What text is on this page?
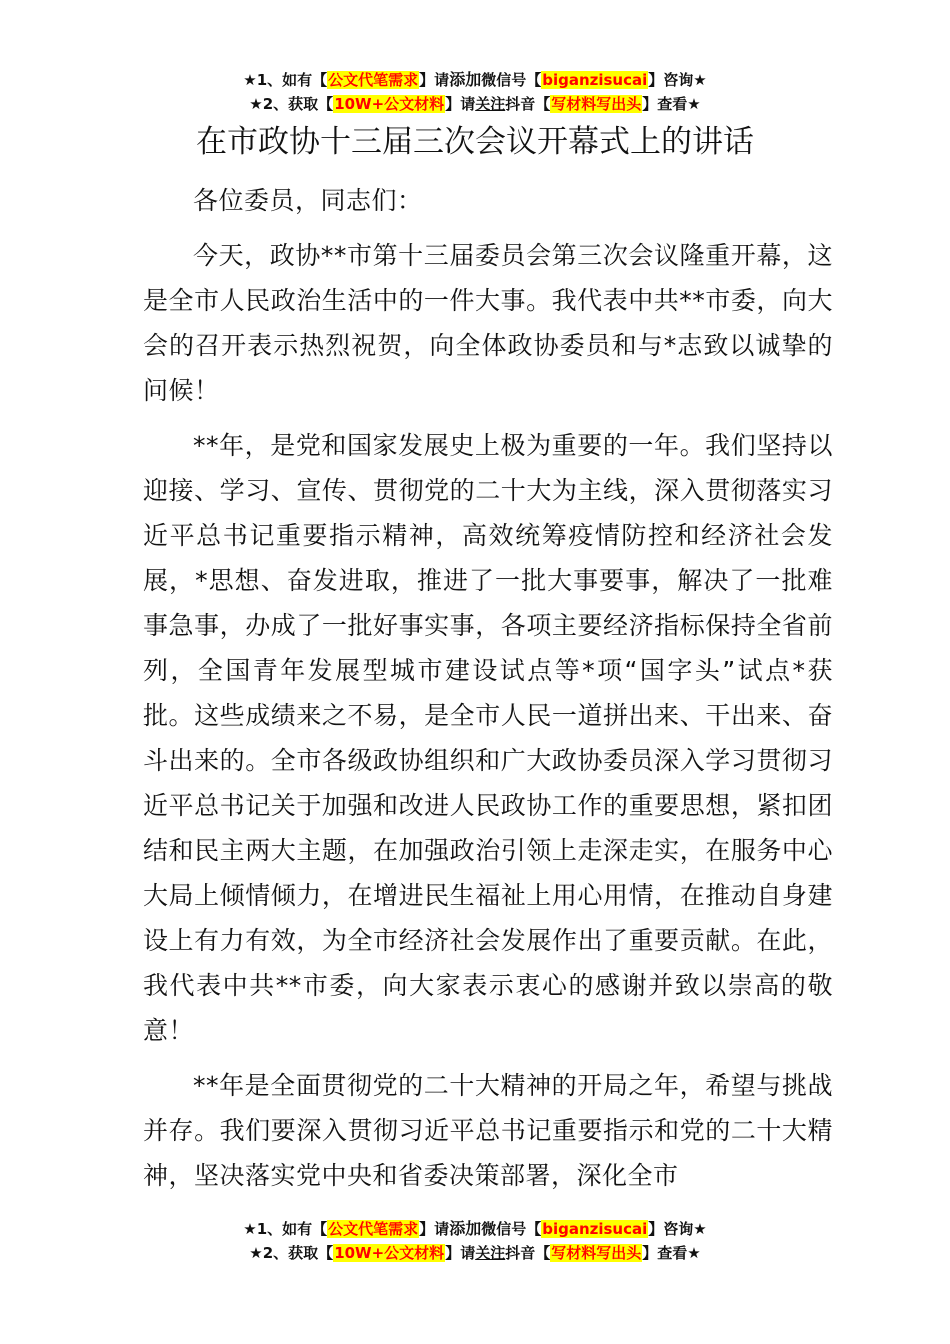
★1、如有【公文代笔需求】请添加微信号【biganzisucai】咨询★
★2、获取【10W+公文材料】请关注抖音【写材料写出头】查看★
在市政协十三届三次会议开幕式上的讲话

各位委员，同志们：

今天，政协**市第十三届委员会第三次会议隆重开幕，这是全市人民政治生活中的一件大事。我代表中共**市委，向大会的召开表示热烈祝贺，向全体政协委员和与*志致以诚挚的问候！

**年，是党和国家发展史上极为重要的一年。我们坚持以迎接、学习、宣传、贯彻党的二十大为主线，深入贯彻落实习近平总书记重要指示精神，高效统筹疫情防控和经济社会发展，*思想、奋发进取，推进了一批大事要事，解决了一批难事急事，办成了一批好事实事，各项主要经济指标保持全省前列，全国青年发展型城市建设试点等*项“国字头”试点*获批。这些成绩来之不易，是全市人民一道拼出来、干出来、奋斗出来的。全市各级政协组织和广大政协委员深入学习贯彻习近平总书记关于加强和改进人民政协工作的重要思想，紧扣团结和民主两大主题，在加强政治引领上走深走实，在服务中心大局上倾情倾力，在增进民生福祉上用心用情，在推动自身建设上有力有效，为全市经济社会发展作出了重要贡献。在此，我代表中共**市委，向大家表示衷心的感谢并致以崇高的敬意！

**年是全面贯彻党的二十大精神的开局之年，希望与挑战并存。我们要深入贯彻习近平总书记重要指示和党的二十大精神，坚决落实党中央和省委决策部署，深化全市

★1、如有【公文代笔需求】请添加微信号【biganzisucai】咨询★
★2、获取【10W+公文材料】请关注抖音【写材料写出头】查看★
